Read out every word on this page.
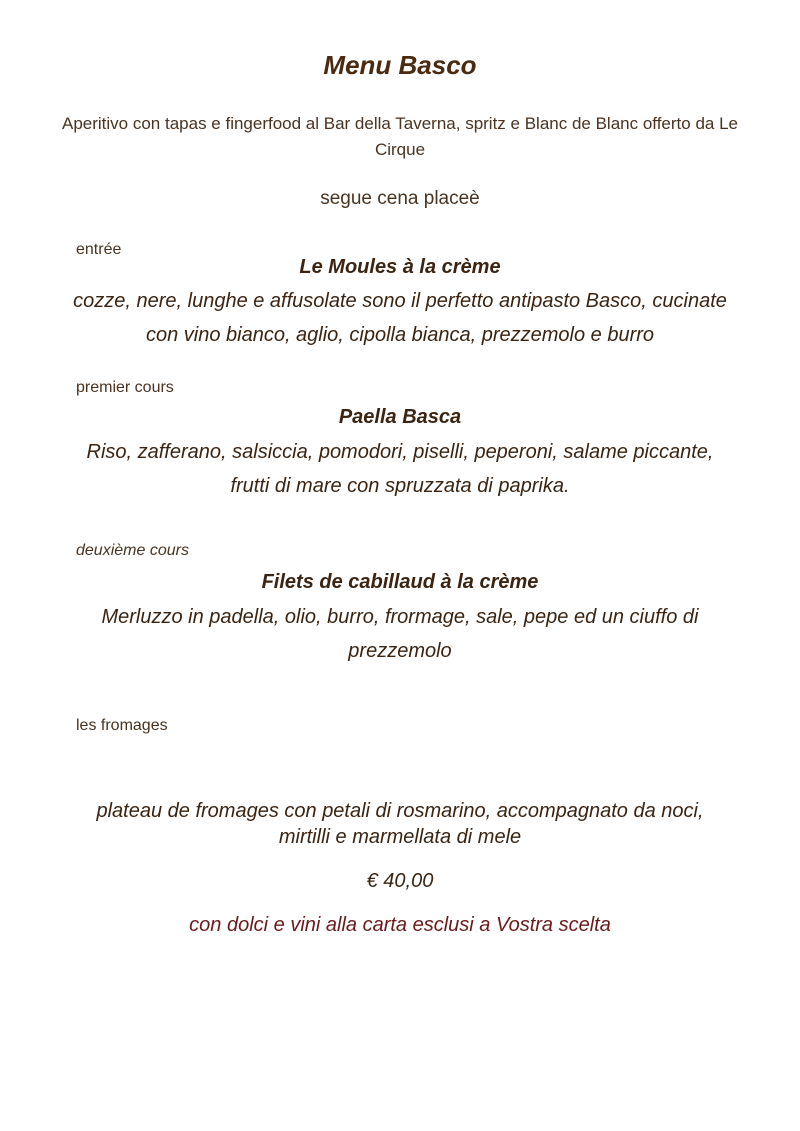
Menu Basco
Aperitivo con tapas e fingerfood al Bar della Taverna, spritz e Blanc de Blanc offerto da Le Cirque
segue cena placeè
entrée
Le Moules à la crème
cozze, nere, lunghe e affusolate sono il perfetto antipasto Basco, cucinate con vino bianco, aglio, cipolla bianca, prezzemolo e burro
premier cours
Paella Basca
Riso, zafferano, salsiccia, pomodori, piselli, peperoni, salame piccante, frutti di mare con spruzzata di paprika.
deuxième cours
Filets de cabillaud à la crème
Merluzzo in padella, olio, burro, frormage, sale, pepe ed un ciuffo di prezzemolo
les fromages
plateau de fromages con petali di rosmarino, accompagnato da noci, mirtilli e marmellata di mele
€ 40,00
con dolci e vini alla carta esclusi a Vostra scelta
